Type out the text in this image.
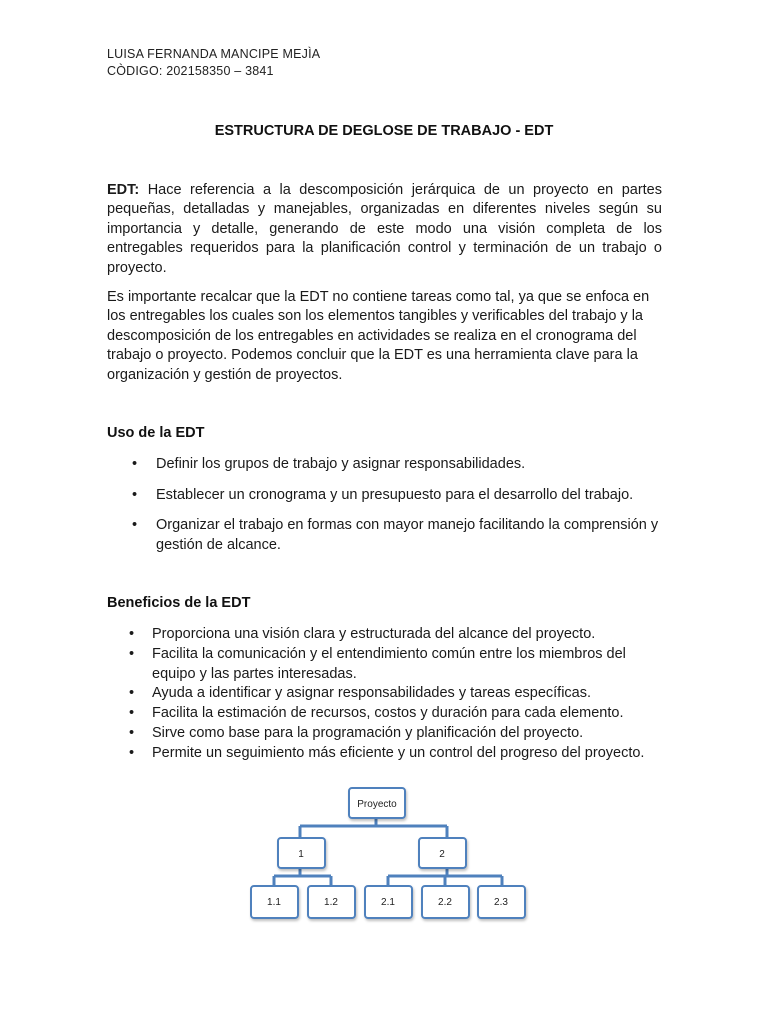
LUISA FERNANDA MANCIPE MEJÌA
CÒDIGO: 202158350 – 3841
ESTRUCTURA DE DEGLOSE DE TRABAJO - EDT
EDT: Hace referencia a la descomposición jerárquica de un proyecto en partes pequeñas, detalladas y manejables, organizadas en diferentes niveles según su importancia y detalle, generando de este modo una visión completa de los entregables requeridos para la planificación control y terminación de un trabajo o proyecto.
Es importante recalcar que la EDT no contiene tareas como tal, ya que se enfoca en los entregables los cuales son los elementos tangibles y verificables del trabajo y la descomposición de los entregables en actividades se realiza en el cronograma del trabajo o proyecto. Podemos concluir que la EDT es una herramienta clave para la organización y gestión de proyectos.
Uso de la EDT
• Definir los grupos de trabajo y asignar responsabilidades.
• Establecer un cronograma y un presupuesto para el desarrollo del trabajo.
• Organizar el trabajo en formas con mayor manejo facilitando la comprensión y gestión de alcance.
Beneficios de la EDT
• Proporciona una visión clara y estructurada del alcance del proyecto.
• Facilita la comunicación y el entendimiento común entre los miembros del equipo y las partes interesadas.
• Ayuda a identificar y asignar responsabilidades y tareas específicas.
• Facilita la estimación de recursos, costos y duración para cada elemento.
• Sirve como base para la programación y planificación del proyecto.
• Permite un seguimiento más eficiente y un control del progreso del proyecto.
Proyecto
1	2
1.1	1.2	2.1	2.2	2.3
